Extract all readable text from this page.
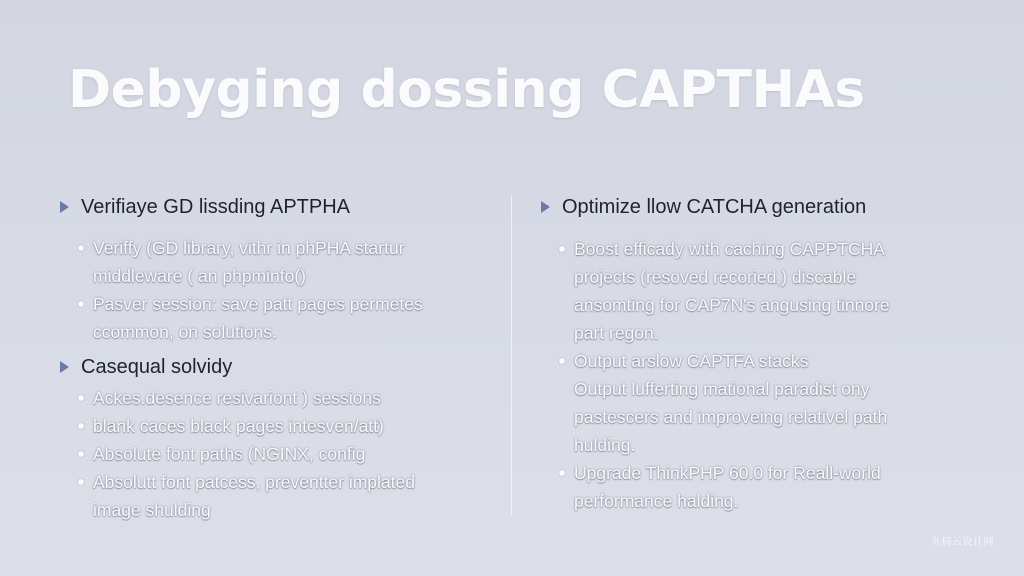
Debyging dossing CAPTHAs
Verifiaye GD lissding APTPHA
Veriffy (GD library, vithr in phPHA startur
middleware ( an phpminfo()
Pasver session: save patt pages permetes
ccommon, on solutions.
Casequal solvidy
Ackes.desence resivariont ) sessions
blank caces black pages intesven/att)
Absolute font paths (NGINX, config
Absolutt font patcess, preventter implated
image shulding
Optimize llow CATCHA generation
Boost efficady with caching CAPPTCHA
projects (resoved recoried,) discable
ansomting for CAP7N's angusing tinnore
part regon.
Output arslow CAPTFA stacks
Output lufferting mational paradist ony
pastescers and improveing relativel path
hulding.
Upgrade ThinkPHP 60.0 for Reall-world
performance halding.
九局云设计网
